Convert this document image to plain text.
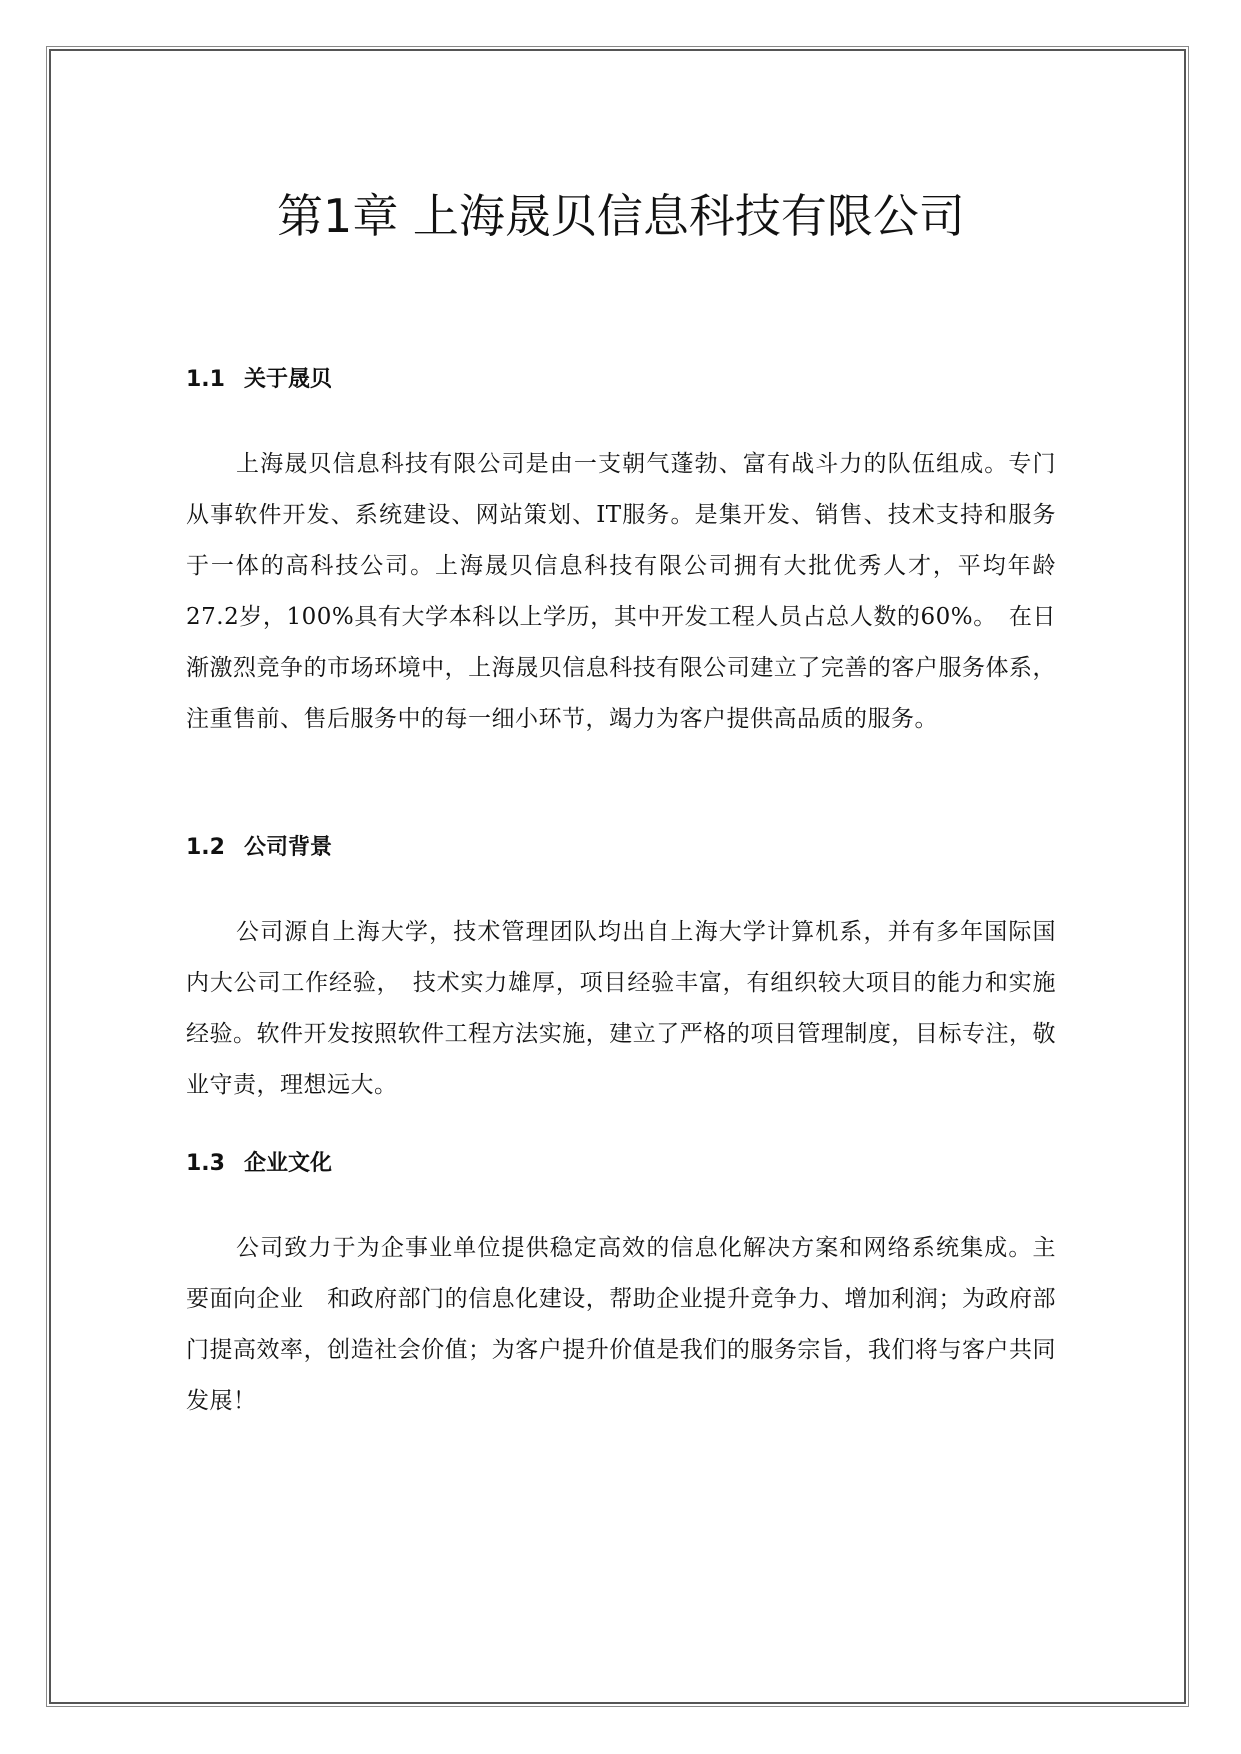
第1章 上海晟贝信息科技有限公司
1.1 关于晟贝

上海晟贝信息科技有限公司是由一支朝气蓬勃、富有战斗力的队伍组成。专门从事软件开发、系统建设、网站策划、IT服务。是集开发、销售、技术支持和服务于一体的高科技公司。上海晟贝信息科技有限公司拥有大批优秀人才，平均年龄27.2岁，100%具有大学本科以上学历，其中开发工程人员占总人数的60%。　在日渐激烈竞争的市场环境中，上海晟贝信息科技有限公司建立了完善的客户服务体系，注重售前、售后服务中的每一细小环节，竭力为客户提供高品质的服务。

1.2 公司背景

公司源自上海大学，技术管理团队均出自上海大学计算机系，并有多年国际国内大公司工作经验，　技术实力雄厚，项目经验丰富，有组织较大项目的能力和实施经验。软件开发按照软件工程方法实施，建立了严格的项目管理制度，目标专注，敬业守责，理想远大。

1.3 企业文化

公司致力于为企事业单位提供稳定高效的信息化解决方案和网络系统集成。主要面向企业　和政府部门的信息化建设，帮助企业提升竞争力、增加利润；为政府部门提高效率，创造社会价值；为客户提升价值是我们的服务宗旨，我们将与客户共同发展！
